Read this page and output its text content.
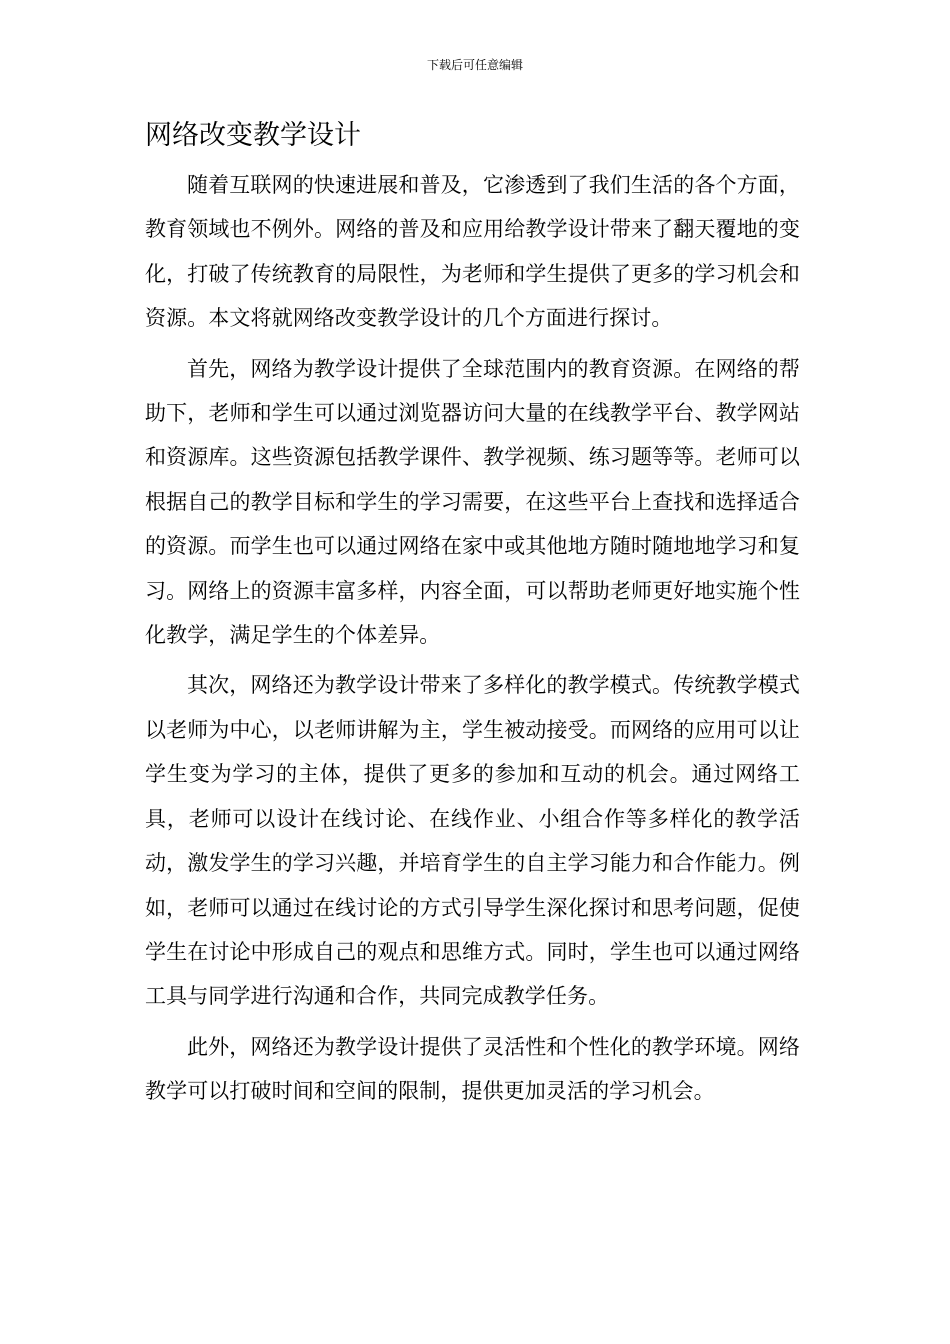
下载后可任意编辑
网络改变教学设计

随着互联网的快速进展和普及，它渗透到了我们生活的各个方面，教育领域也不例外。网络的普及和应用给教学设计带来了翻天覆地的变化，打破了传统教育的局限性，为老师和学生提供了更多的学习机会和资源。本文将就网络改变教学设计的几个方面进行探讨。

首先，网络为教学设计提供了全球范围内的教育资源。在网络的帮助下，老师和学生可以通过浏览器访问大量的在线教学平台、教学网站和资源库。这些资源包括教学课件、教学视频、练习题等等。老师可以根据自己的教学目标和学生的学习需要，在这些平台上查找和选择适合的资源。而学生也可以通过网络在家中或其他地方随时随地地学习和复习。网络上的资源丰富多样，内容全面，可以帮助老师更好地实施个性化教学，满足学生的个体差异。

其次，网络还为教学设计带来了多样化的教学模式。传统教学模式以老师为中心，以老师讲解为主，学生被动接受。而网络的应用可以让学生变为学习的主体，提供了更多的参加和互动的机会。通过网络工具，老师可以设计在线讨论、在线作业、小组合作等多样化的教学活动，激发学生的学习兴趣，并培育学生的自主学习能力和合作能力。例如，老师可以通过在线讨论的方式引导学生深化探讨和思考问题，促使学生在讨论中形成自己的观点和思维方式。同时，学生也可以通过网络工具与同学进行沟通和合作，共同完成教学任务。

此外，网络还为教学设计提供了灵活性和个性化的教学环境。网络教学可以打破时间和空间的限制，提供更加灵活的学习机会。
